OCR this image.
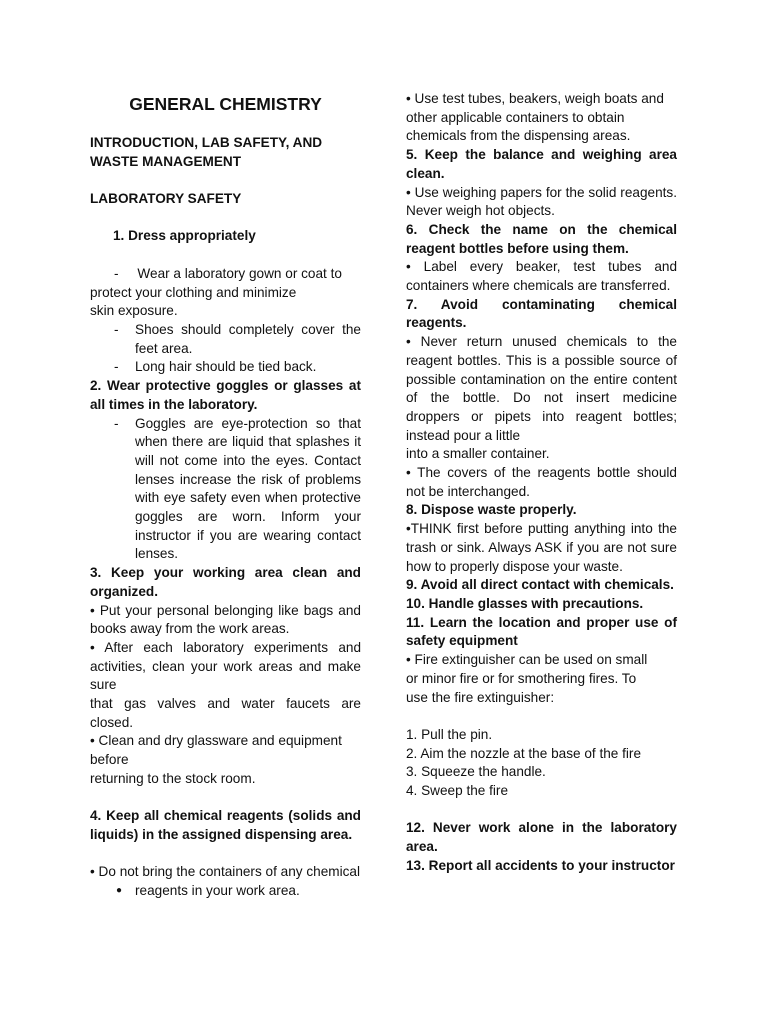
GENERAL CHEMISTRY

INTRODUCTION, LAB SAFETY, AND

WASTE MANAGEMENT

LABORATORY SAFETY

1. Dress appropriately

-     Wear a laboratory gown or coat to

protect your clothing and minimize

skin exposure.

- Shoes should completely cover the feet area.

- Long hair should be tied back.

2. Wear protective goggles or glasses at all times in the laboratory.

- Goggles are eye-protection so that when there are liquid that splashes it will not come into the eyes. Contact lenses increase the risk of problems with eye safety even when protective goggles are worn. Inform your instructor if you are wearing contact lenses.

3. Keep your working area clean and organized.

• Put your personal belonging like bags and books away from the work areas.

• After each laboratory experiments and activities, clean your work areas and make sure

that gas valves and water faucets are closed.

• Clean and dry glassware and equipment before

returning to the stock room.

4. Keep all chemical reagents (solids and liquids) in the assigned dispensing area.

• Do not bring the containers of any chemical

● reagents in your work area.

• Use test tubes, beakers, weigh boats and other applicable containers to obtain chemicals from the dispensing areas.

5. Keep the balance and weighing area clean.

• Use weighing papers for the solid reagents. Never weigh hot objects.

6. Check the name on the chemical reagent bottles before using them.

• Label every beaker, test tubes and containers where chemicals are transferred.

7. Avoid contaminating chemical reagents.

• Never return unused chemicals to the reagent bottles. This is a possible source of possible contamination on the entire content of the bottle. Do not insert medicine droppers or pipets into reagent bottles; instead pour a little

into a smaller container.

• The covers of the reagents bottle should not be interchanged.

8. Dispose waste properly.

•THINK first before putting anything into the trash or sink. Always ASK if you are not sure how to properly dispose your waste.

9. Avoid all direct contact with chemicals.

10. Handle glasses with precautions.

11. Learn the location and proper use of safety equipment

• Fire extinguisher can be used on small

or minor fire or for smothering fires. To

use the fire extinguisher:

1. Pull the pin.

2. Aim the nozzle at the base of the fire

3. Squeeze the handle.

4. Sweep the fire

12. Never work alone in the laboratory area.

13. Report all accidents to your instructor
